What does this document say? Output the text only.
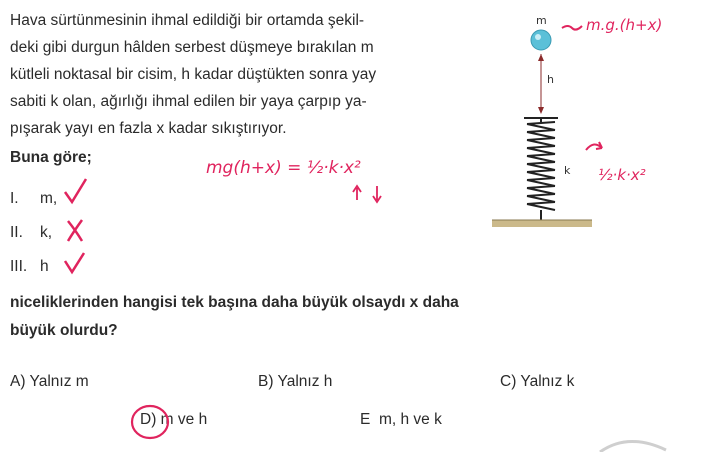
Hava sürtünmesinin ihmal edildiği bir ortamda şekil-
deki gibi durgun hâlden serbest düşmeye bırakılan m
kütleli noktasal bir cisim, h kadar düştükten sonra yay
sabiti k olan, ağırlığı ihmal edilen bir yaya çarpıp ya-
pışarak yayı en fazla x kadar sıkıştırıyor.
Buna göre;
I. m,
II. k,
III. h
niceliklerinden hangisi tek başına daha büyük olsaydı x daha
büyük olurdu?
A) Yalnız m	B) Yalnız h	C) Yalnız k
D) m ve h	E m, h ve k
m
h
k
m.g.(h+x)
½·k·x²
mg(h+x) = ½·k·x²
